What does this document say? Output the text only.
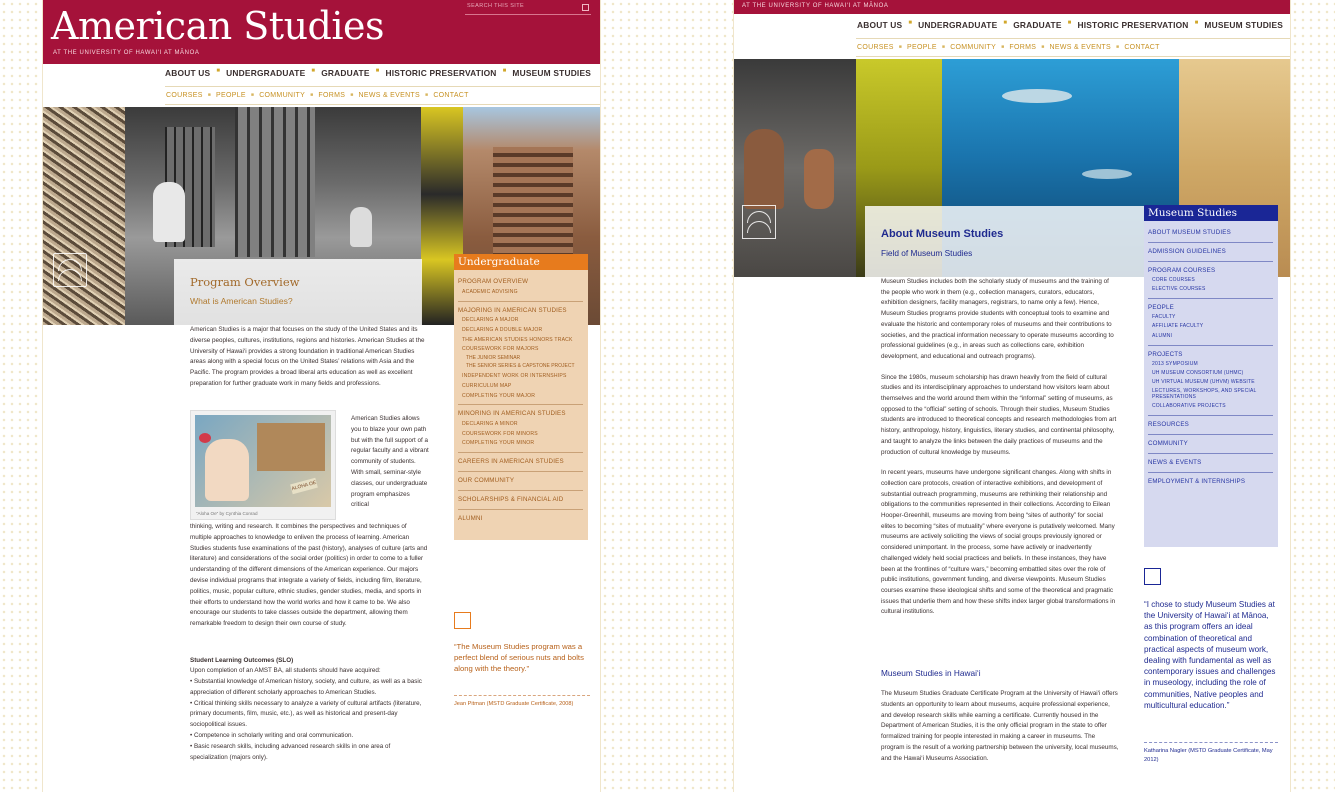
American Studies
AT THE UNIVERSITY OF HAWAI‘I AT MĀNOA
SEARCH THIS SITE
ABOUT US	■ UNDERGRADUATE	■ GRADUATE	■ HISTORIC PRESERVATION	■ MUSEUM STUDIES
COURSES	■ PEOPLE	■ COMMUNITY	■ FORMS	■ NEWS & EVENTS	■ CONTACT
Program Overview
What is American Studies?
American Studies is a major that focuses on the study of the United States and its diverse peoples, cultures, institutions, regions and histories. American Studies at the University of Hawai‘i provides a strong foundation in traditional American Studies areas along with a special focus on the United States’ relations with Asia and the Pacific. The program provides a broad liberal arts education as well as excellent preparation for further graduate work in many fields and professions.
ALOHA OE
“Aloha Oe” by Cynthia Conrad
American Studies allows you to blaze your own path but with the full support of a regular faculty and a vibrant community of students. With small, seminar-style classes, our undergraduate program emphasizes critical
thinking, writing and research. It combines the perspectives and techniques of multiple approaches to knowledge to enliven the process of learning. American Studies students fuse examinations of the past (history), analyses of culture (arts and literature) and considerations of the social order (politics) in order to come to a fuller understanding of the different dimensions of the American experience. Our majors devise individual programs that integrate a variety of fields, including film, literature, politics, music, popular culture, ethnic studies, gender studies, media, and sports in their efforts to understand how the world works and how it came to be. We also encourage our students to take classes outside the department, allowing them remarkable freedom to design their own course of study.
Student Learning Outcomes (SLO)
Upon completion of an AMST BA, all students should have acquired:
• Substantial knowledge of American history, society, and culture, as well as a basic appreciation of different scholarly approaches to American Studies.
• Critical thinking skills necessary to analyze a variety of cultural artifacts (literature, primary documents, film, music, etc.), as well as historical and present-day sociopolitical issues.
• Competence in scholarly writing and oral communication.
• Basic research skills, including advanced research skills in one area of specialization (majors only).
Undergraduate
PROGRAM OVERVIEW
ACADEMIC ADVISING
MAJORING IN AMERICAN STUDIES
DECLARING A MAJOR
DECLARING A DOUBLE MAJOR
THE AMERICAN STUDIES HONORS TRACK
COURSEWORK FOR MAJORS
THE JUNIOR SEMINAR
THE SENIOR SERIES & CAPSTONE PROJECT
INDEPENDENT WORK OR INTERNSHIPS
CURRICULUM MAP
COMPLETING YOUR MAJOR
MINORING IN AMERICAN STUDIES
DECLARING A MINOR
COURSEWORK FOR MINORS
COMPLETING YOUR MINOR
CAREERS IN AMERICAN STUDIES
OUR COMMUNITY
SCHOLARSHIPS & FINANCIAL AID
ALUMNI
“The Museum Studies program was a perfect blend of serious nuts and bolts along with the theory.”
Jean Pitman (MSTD Graduate Certificate, 2008)
AT THE UNIVERSITY OF HAWAI‘I AT MĀNOA
ABOUT US	■ UNDERGRADUATE	■ GRADUATE	■ HISTORIC PRESERVATION	■ MUSEUM STUDIES
COURSES	■ PEOPLE	■ COMMUNITY	■ FORMS	■ NEWS & EVENTS	■ CONTACT
About Museum Studies
Field of Museum Studies

Museum Studies includes both the scholarly study of museums and the training of the people who work in them (e.g., collection managers, curators, educators, exhibition designers, facility managers, registrars, to name only a few). Hence, Museum Studies programs provide students with conceptual tools to examine and evaluate the historic and contemporary roles of museums and their contributions to societies, and the practical information necessary to operate museums according to professional guidelines (e.g., in areas such as collections care, exhibition development, and educational and outreach programs).

Since the 1980s, museum scholarship has drawn heavily from the field of cultural studies and its interdisciplinary approaches to understand how visitors learn about themselves and the world around them within the “informal” setting of museums, as opposed to the “official” setting of schools. Through their studies, Museum Studies students are introduced to theoretical concepts and research methodologies from art history, anthropology, history, linguistics, literary studies, and continental philosophy, and taught to analyze the links between the daily practices of museums and the production of cultural knowledge by museums.

In recent years, museums have undergone significant changes. Along with shifts in collection care protocols, creation of interactive exhibitions, and development of substantial outreach programming, museums are rethinking their relationship and obligations to the communities represented in their collections. According to Eilean Hooper-Greenhill, museums are moving from being “sites of authority” for social elites to becoming “sites of mutuality” where everyone is putatively welcomed. Many museums are actively soliciting the views of social groups previously ignored or considered unimportant. In the process, some have actively or inadvertently challenged widely held social practices and beliefs. In these instances, they have been at the frontlines of “culture wars,” becoming embattled sites over the role of public institutions, government funding, and diverse viewpoints. Museum Studies courses examine these ideological shifts and some of the theoretical and pragmatic issues that underlie them and how these shifts index larger global transformations in cultural institutions.

Museum Studies in Hawai‘i
The Museum Studies Graduate Certificate Program at the University of Hawai‘i offers students an opportunity to learn about museums, acquire professional experience, and develop research skills while earning a certificate. Currently housed in the Department of American Studies, it is the only official program in the state to offer formalized training for people interested in making a career in museums. The program is the result of a working partnership between the university, local museums, and the Hawai‘i Museums Association.
Museum Studies
ABOUT MUSEUM STUDIES
ADMISSION GUIDELINES
PROGRAM COURSES
CORE COURSES
ELECTIVE COURSES
PEOPLE
FACULTY
AFFILIATE FACULTY
ALUMNI
PROJECTS
2013 SYMPOSIUM
UH MUSEUM CONSORTIUM (UHMC)
UH VIRTUAL MUSEUM (UHVM) WEBSITE
LECTURES, WORKSHOPS, AND SPECIAL PRESENTATIONS
COLLABORATIVE PROJECTS
RESOURCES
COMMUNITY
NEWS & EVENTS
EMPLOYMENT & INTERNSHIPS
“I chose to study Museum Studies at the University of Hawai‘i at Mānoa, as this program offers an ideal combination of theoretical and practical aspects of museum work, dealing with fundamental as well as contemporary issues and challenges in museology, including the role of communities, Native peoples and multicultural education.”
Katharina Nagler (MSTD Graduate Certificate, May 2012)
